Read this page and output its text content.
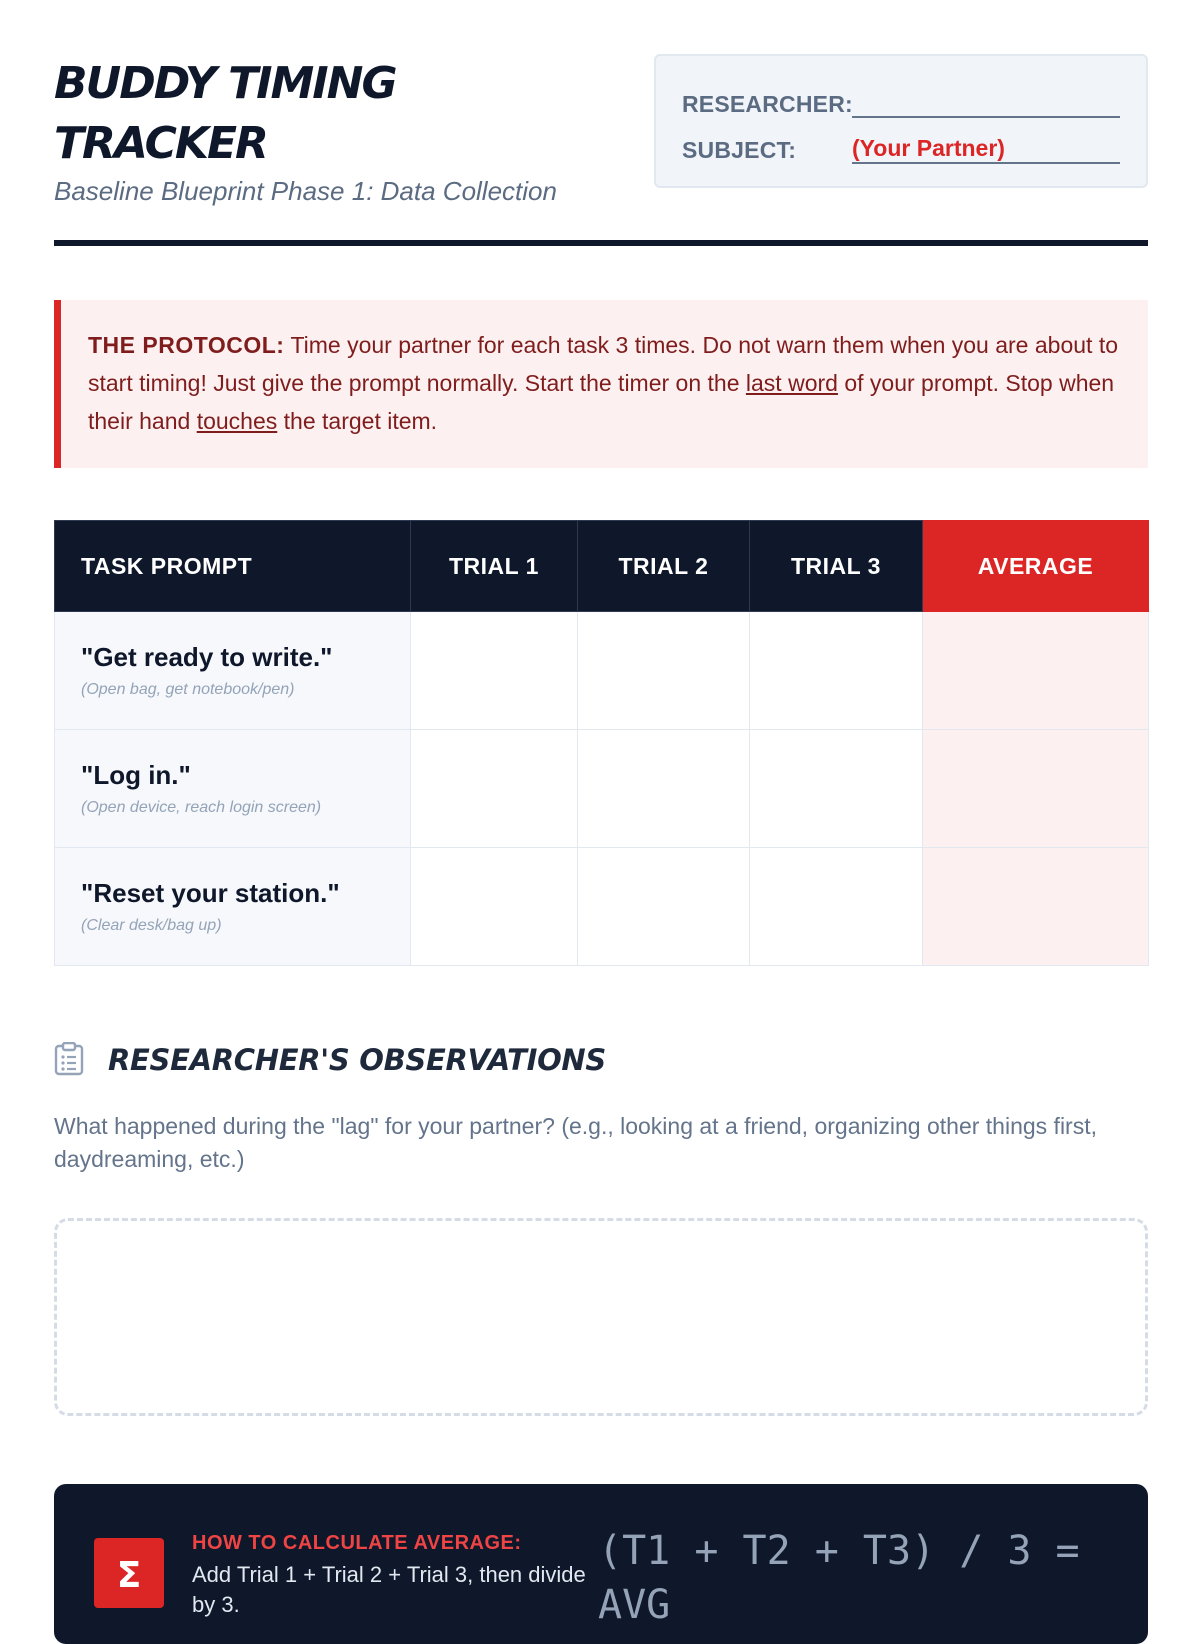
BUDDY TIMING TRACKER
Baseline Blueprint Phase 1: Data Collection
RESEARCHER:
SUBJECT: (Your Partner)
THE PROTOCOL: Time your partner for each task 3 times. Do not warn them when you are about to start timing! Just give the prompt normally. Start the timer on the last word of your prompt. Stop when their hand touches the target item.
TASK PROMPT	TRIAL 1	TRIAL 2	TRIAL 3	AVERAGE

"Get ready to write."
(Open bag, get notebook/pen)				

"Log in."
(Open device, reach login screen)				

"Reset your station."
(Clear desk/bag up)				

RESEARCHER'S OBSERVATIONS
What happened during the "lag" for your partner? (e.g., looking at a friend, organizing other things first, daydreaming, etc.)
Σ
HOW TO CALCULATE AVERAGE:
Add Trial 1 + Trial 2 + Trial 3, then divide by 3.
(T1 + T2 + T3) / 3 = AVG
